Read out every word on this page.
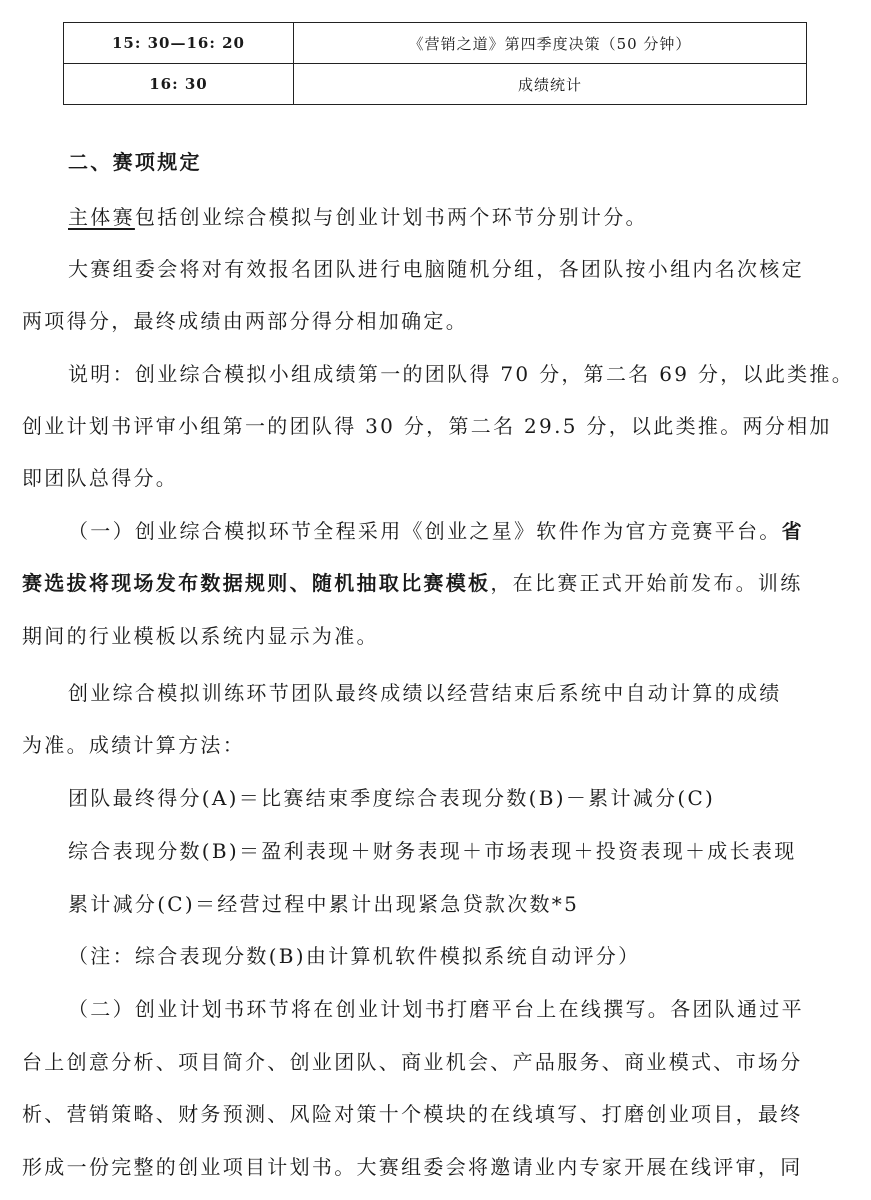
15: 30—16: 20	《营销之道》第四季度决策（50 分钟）
16: 30	成绩统计
二、赛项规定
主体赛包括创业综合模拟与创业计划书两个环节分别计分。
大赛组委会将对有效报名团队进行电脑随机分组，各团队按小组内名次核定
两项得分，最终成绩由两部分得分相加确定。
说明：创业综合模拟小组成绩第一的团队得 70 分，第二名 69 分，以此类推。
创业计划书评审小组第一的团队得 30 分，第二名 29.5 分，以此类推。两分相加
即团队总得分。
（一）创业综合模拟环节全程采用《创业之星》软件作为官方竞赛平台。省
赛选拔将现场发布数据规则、随机抽取比赛模板，在比赛正式开始前发布。训练
期间的行业模板以系统内显示为准。
创业综合模拟训练环节团队最终成绩以经营结束后系统中自动计算的成绩
为准。成绩计算方法：
团队最终得分(A)＝比赛结束季度综合表现分数(B)－累计减分(C)
综合表现分数(B)＝盈利表现＋财务表现＋市场表现＋投资表现＋成长表现
累计减分(C)＝经营过程中累计出现紧急贷款次数*5
（注：综合表现分数(B)由计算机软件模拟系统自动评分）
（二）创业计划书环节将在创业计划书打磨平台上在线撰写。各团队通过平
台上创意分析、项目简介、创业团队、商业机会、产品服务、商业模式、市场分
析、营销策略、财务预测、风险对策十个模块的在线填写、打磨创业项目，最终
形成一份完整的创业项目计划书。大赛组委会将邀请业内专家开展在线评审，同
